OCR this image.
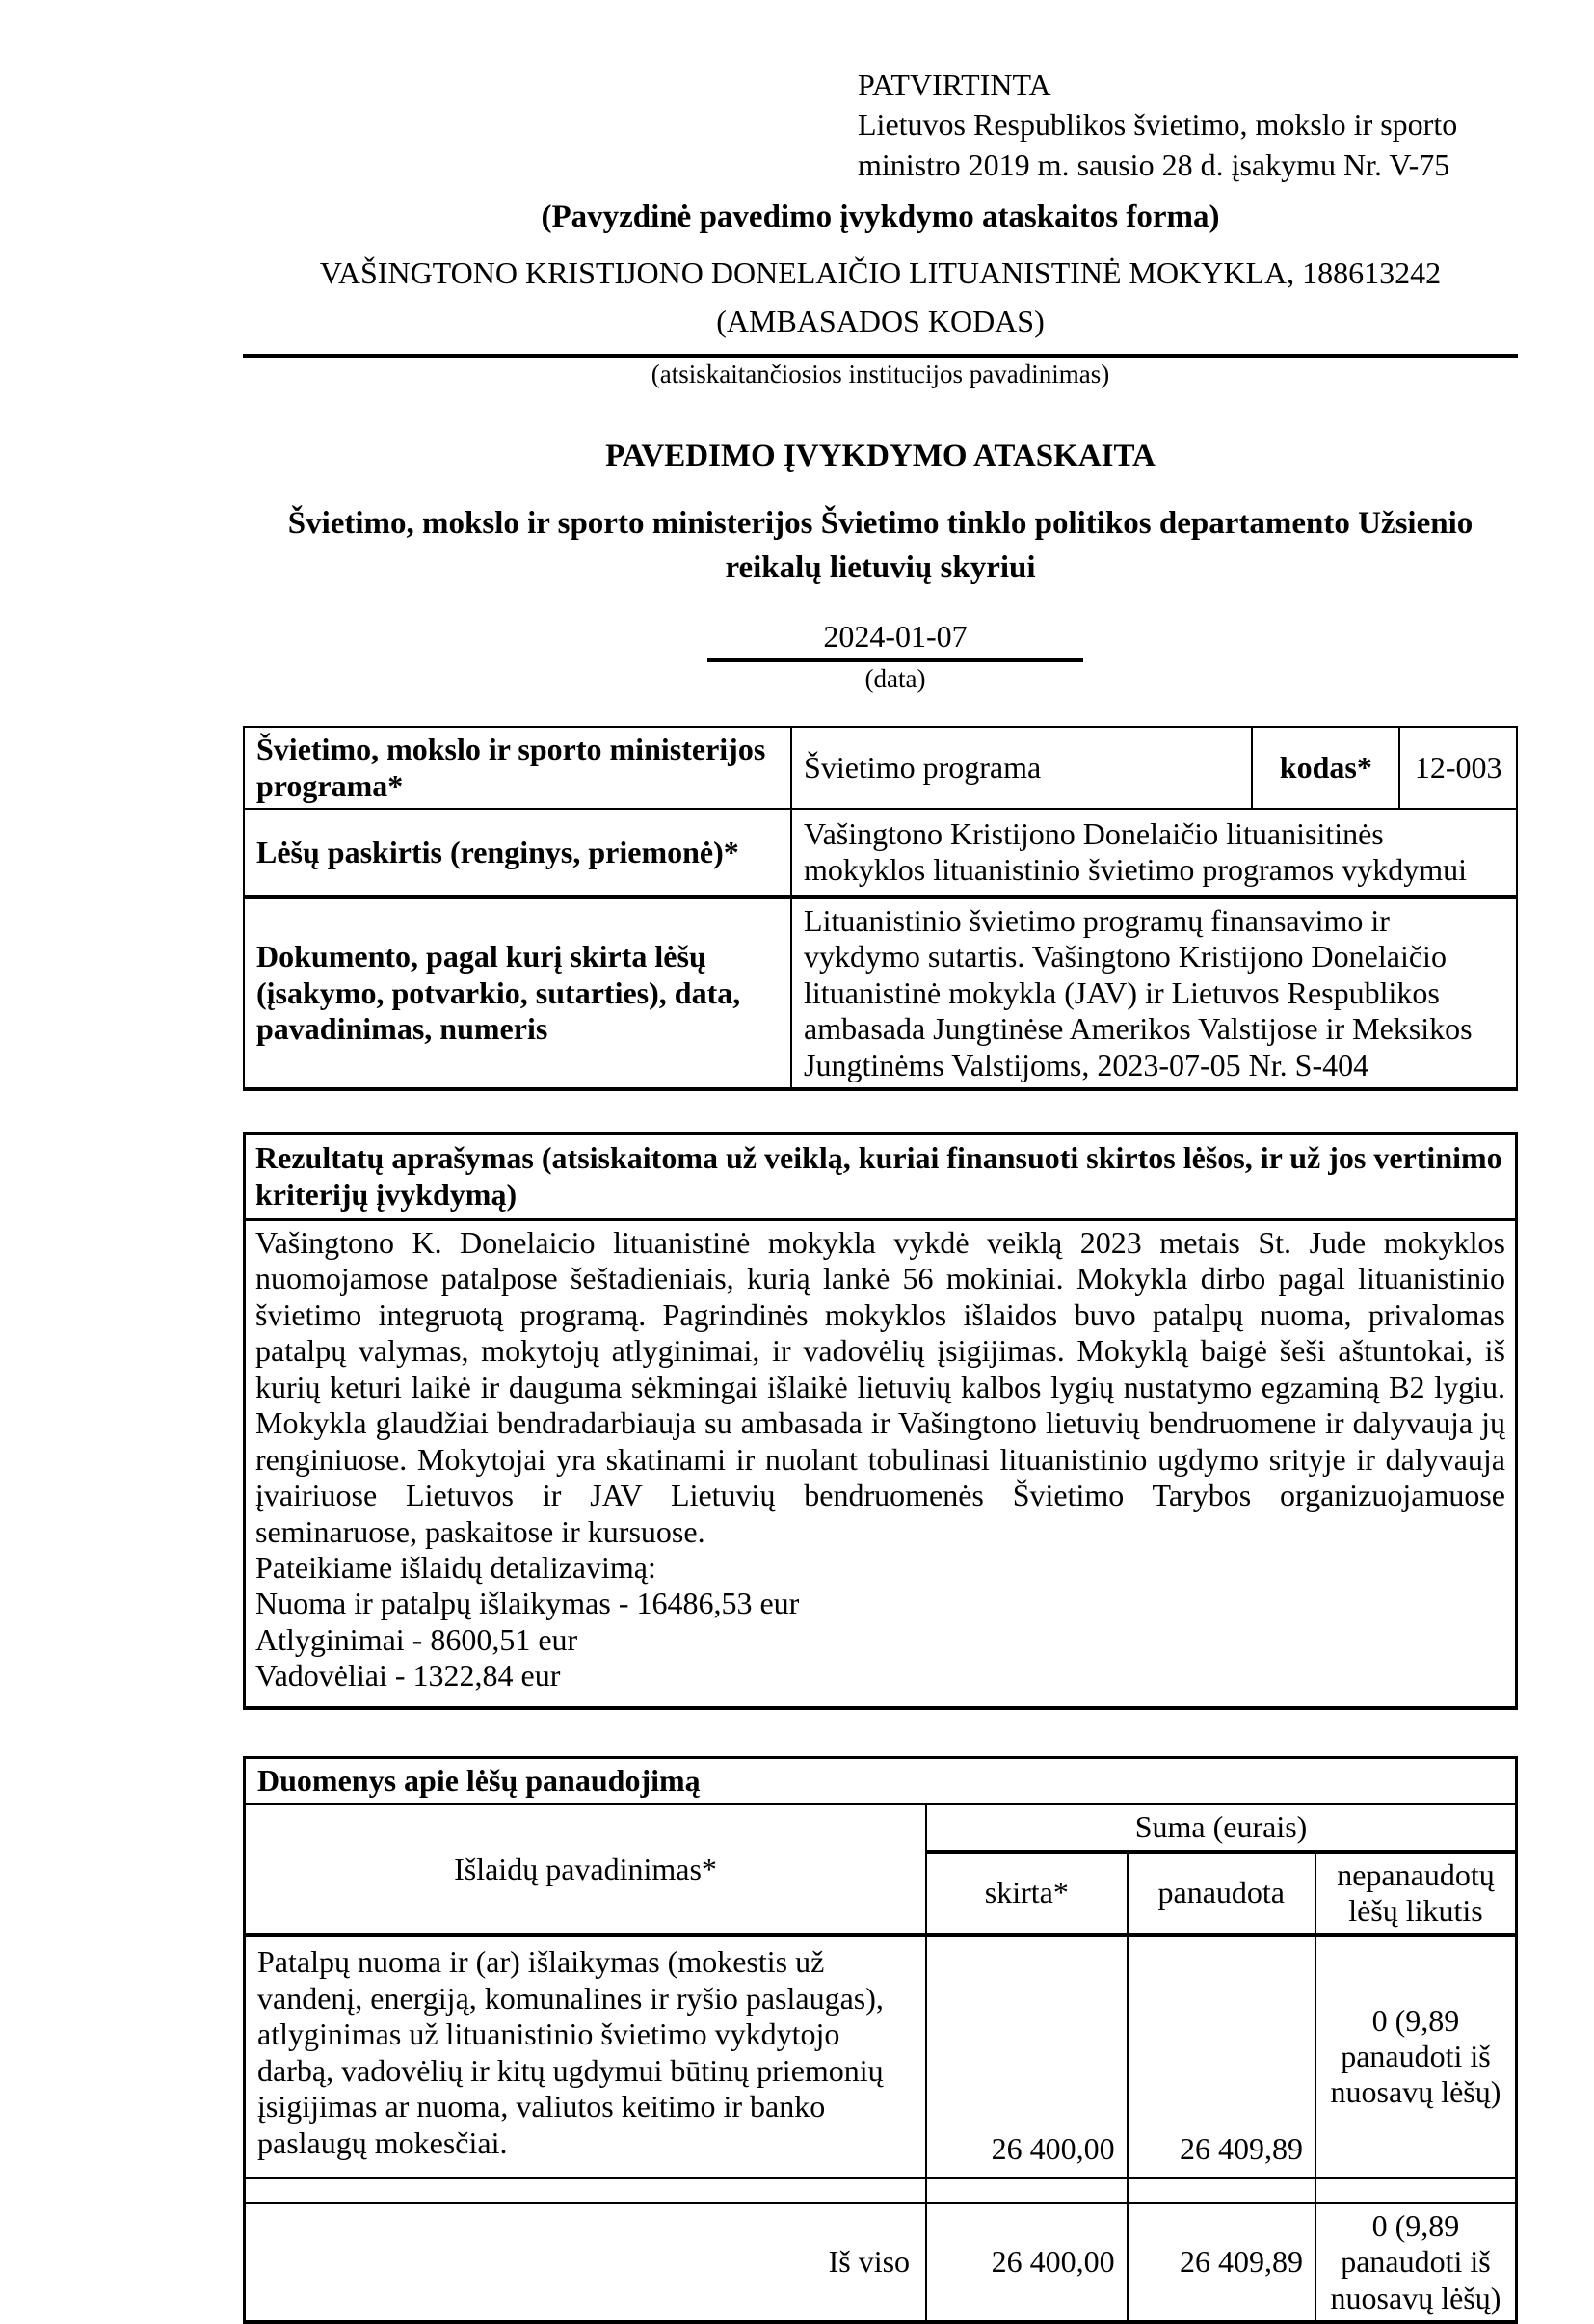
PATVIRTINTA
Lietuvos Respublikos švietimo, mokslo ir sporto
ministro 2019 m. sausio 28 d. įsakymu Nr. V-75
(Pavyzdinė pavedimo įvykdymo ataskaitos forma)
VAŠINGTONO KRISTIJONO DONELAIČIO LITUANISTINĖ MOKYKLA, 188613242
(AMBASADOS KODAS)
(atsiskaitančiosios institucijos pavadinimas)
PAVEDIMO ĮVYKDYMO ATASKAITA
Švietimo, mokslo ir sporto ministerijos Švietimo tinklo politikos departamento Užsienio reikalų lietuvių skyriui
2024-01-07
(data)
Švietimo, mokslo ir sporto ministerijos programa*	Švietimo programa	kodas*	12-003
Lėšų paskirtis (renginys, priemonė)*	Vašingtono Kristijono Donelaičio lituanisitinės mokyklos lituanistinio švietimo programos vykdymui		
Dokumento, pagal kurį skirta lėšų (įsakymo, potvarkio, sutarties), data, pavadinimas, numeris	Lituanistinio švietimo programų finansavimo ir vykdymo sutartis. Vašingtono Kristijono Donelaičio lituanistinė mokykla (JAV) ir Lietuvos Respublikos ambasada Jungtinėse Amerikos Valstijose ir Meksikos Jungtinėms Valstijoms, 2023-07-05 Nr. S-404		
Rezultatų aprašymas (atsiskaitoma už veiklą, kuriai finansuoti skirtos lėšos, ir už jos vertinimo kriterijų įvykdymą)

Vašingtono K. Donelaicio lituanistinė mokykla vykdė veiklą 2023 metais St. Jude mokyklos nuomojamose patalpose šeštadieniais, kurią lankė 56 mokiniai. Mokykla dirbo pagal lituanistinio švietimo integruotą programą. Pagrindinės mokyklos išlaidos buvo patalpų nuoma, privalomas patalpų valymas, mokytojų atlyginimai, ir vadovėlių įsigijimas. Mokyklą baigė šeši aštuntokai, iš kurių keturi laikė ir dauguma sėkmingai išlaikė lietuvių kalbos lygių nustatymo egzaminą B2 lygiu. Mokykla glaudžiai bendradarbiauja su ambasada ir Vašingtono lietuvių bendruomene ir dalyvauja jų renginiuose. Mokytojai yra skatinami ir nuolant tobulinasi lituanistinio ugdymo srityje ir dalyvauja įvairiuose Lietuvos ir JAV Lietuvių bendruomenės Švietimo Tarybos organizuojamuose seminaruose, paskaitose ir kursuose.
Pateikiame išlaidų detalizavimą:
Nuoma ir patalpų išlaikymas - 16486,53 eur
Atlyginimai - 8600,51 eur
Vadovėliai - 1322,84 eur
Duomenys apie lėšų panaudojimą			
Išlaidų pavadinimas*	Suma (eurais)		
	skirta*	panaudota	nepanaudotų lėšų likutis
Patalpų nuoma ir (ar) išlaikymas (mokestis už vandenį, energiją, komunalines ir ryšio paslaugas), atlyginimas už lituanistinio švietimo vykdytojo darbą, vadovėlių ir kitų ugdymui būtinų priemonių įsigijimas ar nuoma, valiutos keitimo ir banko paslaugų mokesčiai.	26 400,00	26 409,89	0 (9,89 panaudoti iš nuosavų lėšų)

Iš viso	26 400,00	26 409,89	0 (9,89 panaudoti iš nuosavų lėšų)
